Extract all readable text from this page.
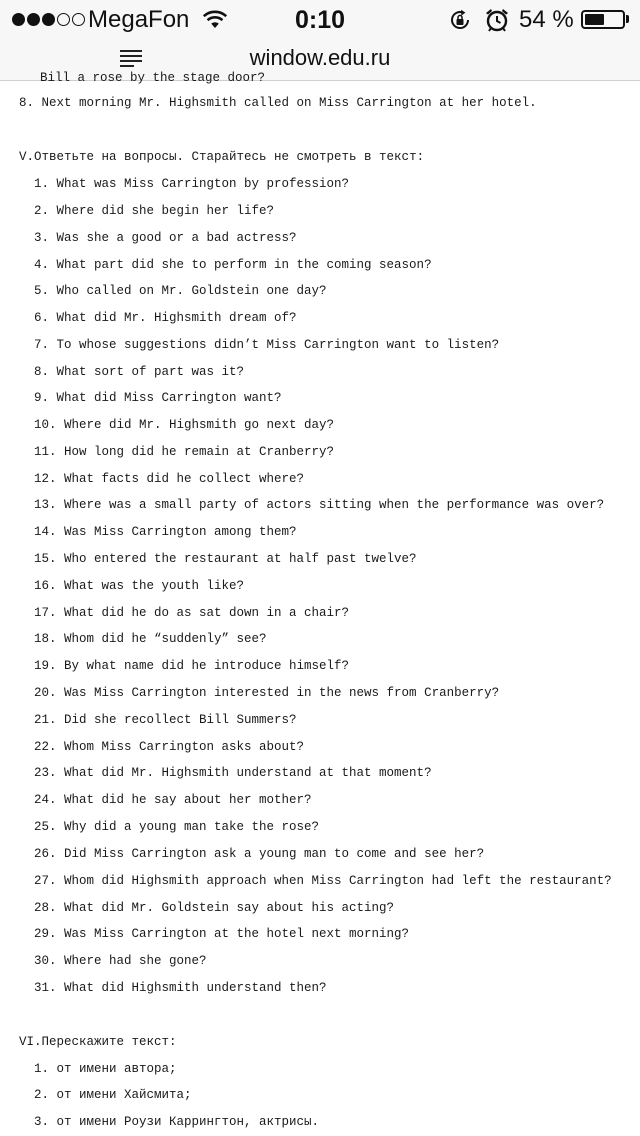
MegaFon	0:10	54 %
window.edu.ru
Bill a rose by the stage door?
8. Next morning Mr. Highsmith called on Miss Carrington at her hotel.
V.Ответьте на вопросы. Старайтесь не смотреть в текст:
1. What was Miss Carrington by profession?
2. Where did she begin her life?
3. Was she a good or a bad actress?
4. What part did she to perform in the coming season?
5. Who called on Mr. Goldstein one day?
6. What did Mr. Highsmith dream of?
7. To whose suggestions didn’t Miss Carrington want to listen?
8. What sort of part was it?
9. What did Miss Carrington want?
10. Where did Mr. Highsmith go next day?
11. How long did he remain at Cranberry?
12. What facts did he collect where?
13. Where was a small party of actors sitting when the performance was over?
14. Was Miss Carrington among them?
15. Who entered the restaurant at half past twelve?
16. What was the youth like?
17. What did he do as sat down in a chair?
18. Whom did he “suddenly” see?
19. By what name did he introduce himself?
20. Was Miss Carrington interested in the news from Cranberry?
21. Did she recollect Bill Summers?
22. Whom Miss Carrington asks about?
23. What did Mr. Highsmith understand at that moment?
24. What did he say about her mother?
25. Why did a young man take the rose?
26. Did Miss Carrington ask a young man to come and see her?
27. Whom did Highsmith approach when Miss Carrington had left the restaurant?
28. What did Mr. Goldstein say about his acting?
29. Was Miss Carrington at the hotel next morning?
30. Where had she gone?
31. What did Highsmith understand then?
VI.Перескажите текст:
1. от имени автора;
2. от имени Хайсмита;
3. от имени Роузи Каррингтон, актрисы.
